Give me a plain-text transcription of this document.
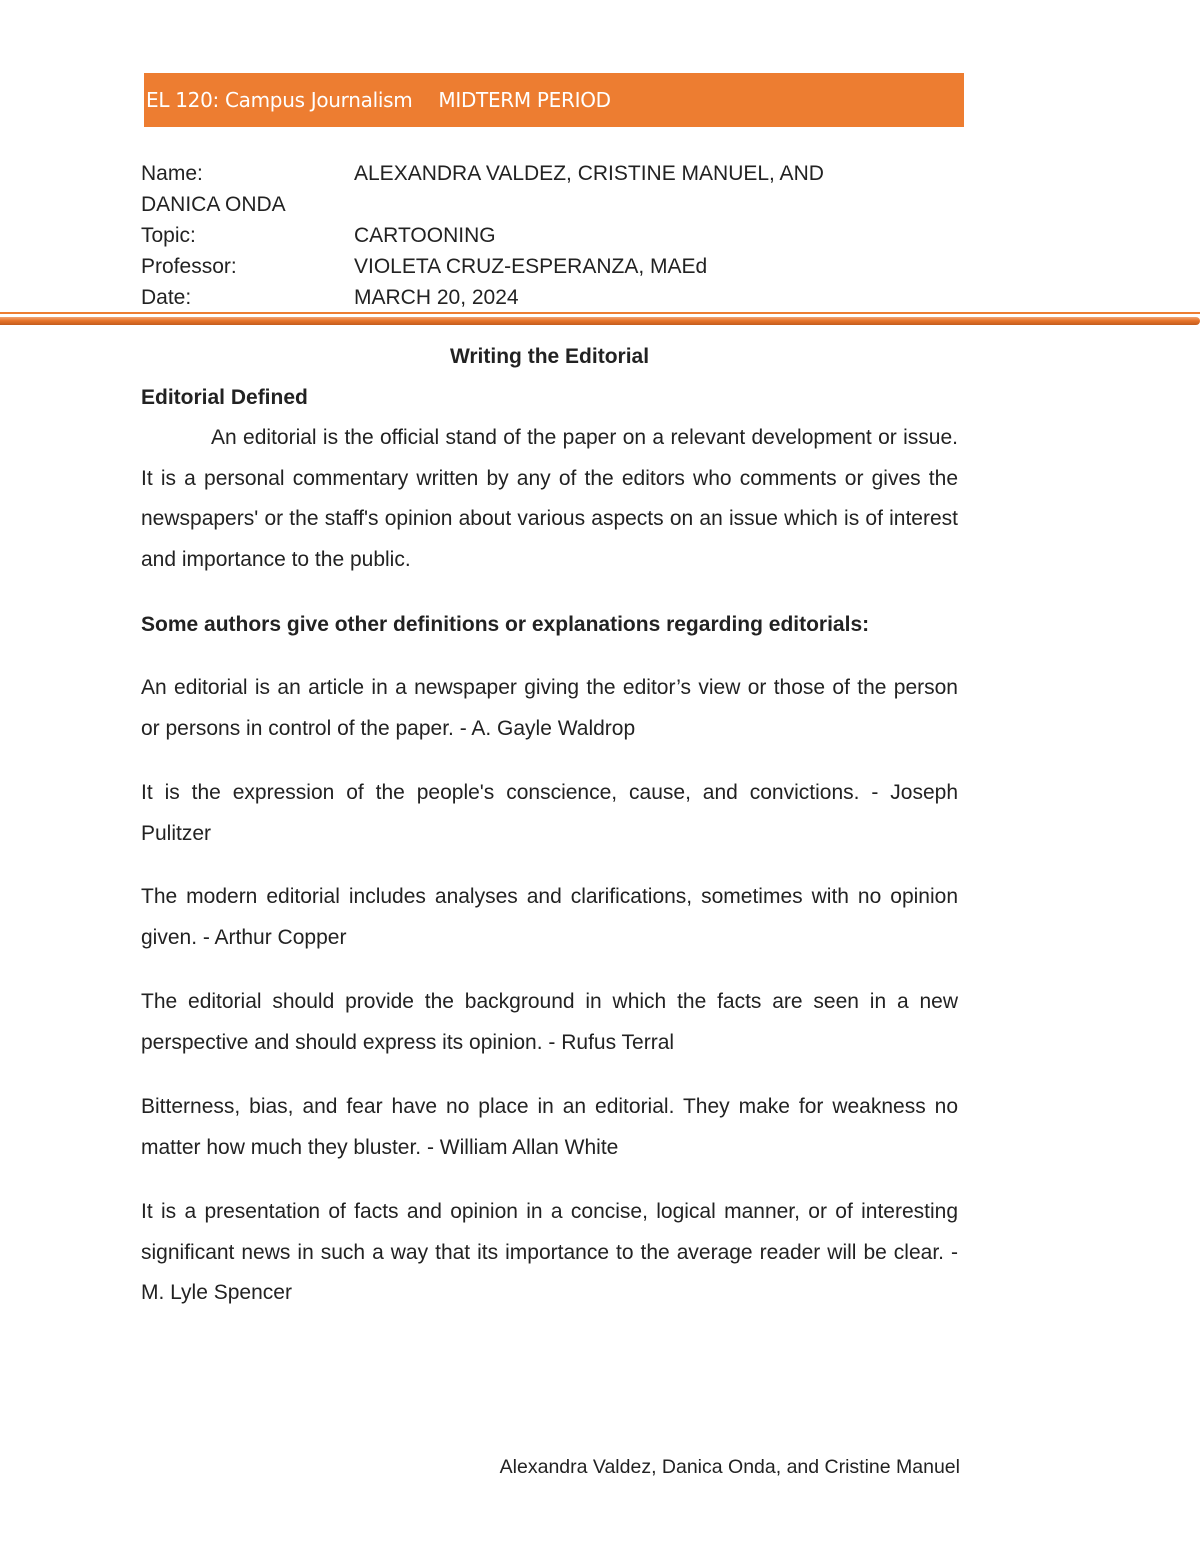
EL 120: Campus Journalism MIDTERM PERIOD
Name:	ALEXANDRA VALDEZ, CRISTINE MANUEL, AND
DANICA ONDA
Topic:	CARTOONING
Professor:	VIOLETA CRUZ-ESPERANZA, MAEd
Date:	MARCH 20, 2024
Writing the Editorial
Editorial Defined
An editorial is the official stand of the paper on a relevant development or issue. It is a personal commentary written by any of the editors who comments or gives the newspapers' or the staff's opinion about various aspects on an issue which is of interest and importance to the public.
Some authors give other definitions or explanations regarding editorials:
An editorial is an article in a newspaper giving the editor’s view or those of the person or persons in control of the paper. - A. Gayle Waldrop
It is the expression of the people's conscience, cause, and convictions. - Joseph Pulitzer
The modern editorial includes analyses and clarifications, sometimes with no opinion given. - Arthur Copper
The editorial should provide the background in which the facts are seen in a new perspective and should express its opinion. - Rufus Terral
Bitterness, bias, and fear have no place in an editorial. They make for weakness no matter how much they bluster. - William Allan White
It is a presentation of facts and opinion in a concise, logical manner, or of interesting significant news in such a way that its importance to the average reader will be clear. - M. Lyle Spencer
Alexandra Valdez, Danica Onda, and Cristine Manuel
